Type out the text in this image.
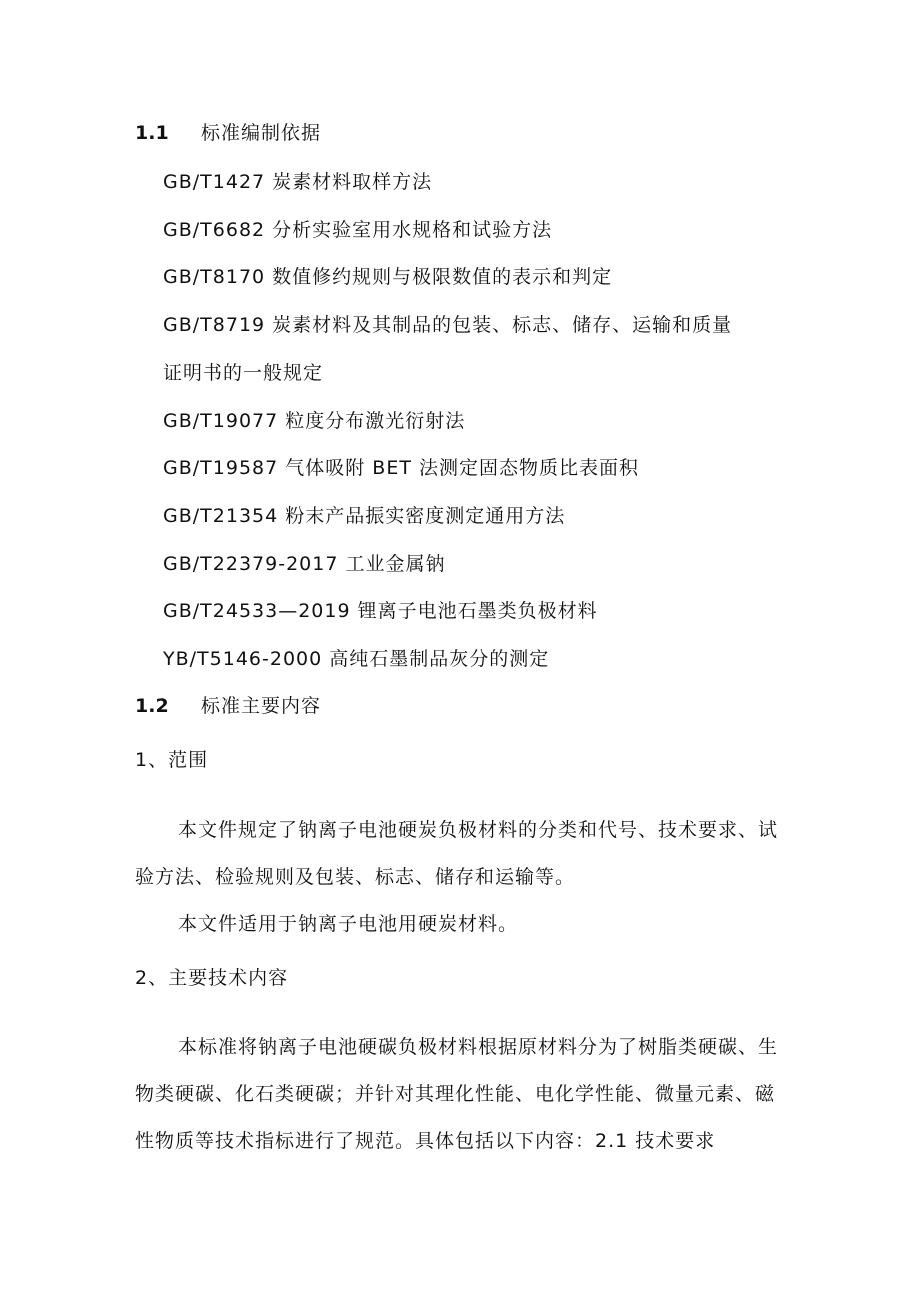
1.1 标准编制依据
GB/T1427 炭素材料取样方法
GB/T6682 分析实验室用水规格和试验方法
GB/T8170 数值修约规则与极限数值的表示和判定
GB/T8719 炭素材料及其制品的包装、标志、储存、运输和质量
证明书的一般规定
GB/T19077 粒度分布激光衍射法
GB/T19587 气体吸附 BET 法测定固态物质比表面积
GB/T21354 粉末产品振实密度测定通用方法
GB/T22379-2017 工业金属钠
GB/T24533—2019 锂离子电池石墨类负极材料
YB/T5146-2000 高纯石墨制品灰分的测定
1.2 标准主要内容
1、范围
本文件规定了钠离子电池硬炭负极材料的分类和代号、技术要求、试
验方法、检验规则及包装、标志、储存和运输等。
本文件适用于钠离子电池用硬炭材料。
2、主要技术内容
本标准将钠离子电池硬碳负极材料根据原材料分为了树脂类硬碳、生
物类硬碳、化石类硬碳；并针对其理化性能、电化学性能、微量元素、磁
性物质等技术指标进行了规范。具体包括以下内容：2.1 技术要求
